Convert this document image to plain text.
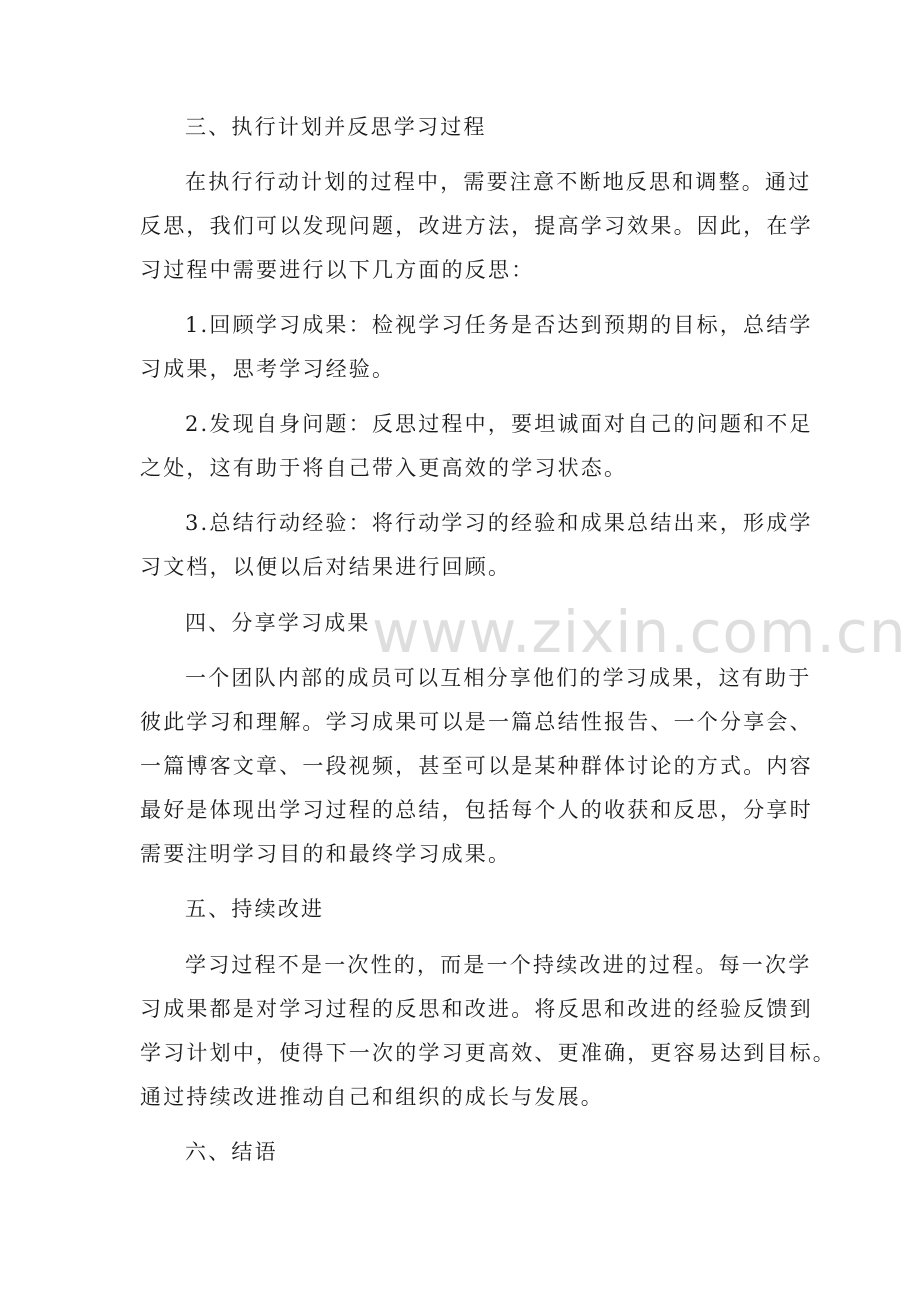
www.zixin.com.cn
三、执行计划并反思学习过程
在执行行动计划的过程中，需要注意不断地反思和调整。通过
反思，我们可以发现问题，改进方法，提高学习效果。因此，在学
习过程中需要进行以下几方面的反思：
1.回顾学习成果：检视学习任务是否达到预期的目标，总结学
习成果，思考学习经验。
2.发现自身问题：反思过程中，要坦诚面对自己的问题和不足
之处，这有助于将自己带入更高效的学习状态。
3.总结行动经验：将行动学习的经验和成果总结出来，形成学
习文档，以便以后对结果进行回顾。
四、分享学习成果
一个团队内部的成员可以互相分享他们的学习成果，这有助于
彼此学习和理解。学习成果可以是一篇总结性报告、一个分享会、
一篇博客文章、一段视频，甚至可以是某种群体讨论的方式。内容
最好是体现出学习过程的总结，包括每个人的收获和反思，分享时
需要注明学习目的和最终学习成果。
五、持续改进
学习过程不是一次性的，而是一个持续改进的过程。每一次学
习成果都是对学习过程的反思和改进。将反思和改进的经验反馈到
学习计划中，使得下一次的学习更高效、更准确，更容易达到目标。
通过持续改进推动自己和组织的成长与发展。
六、结语
